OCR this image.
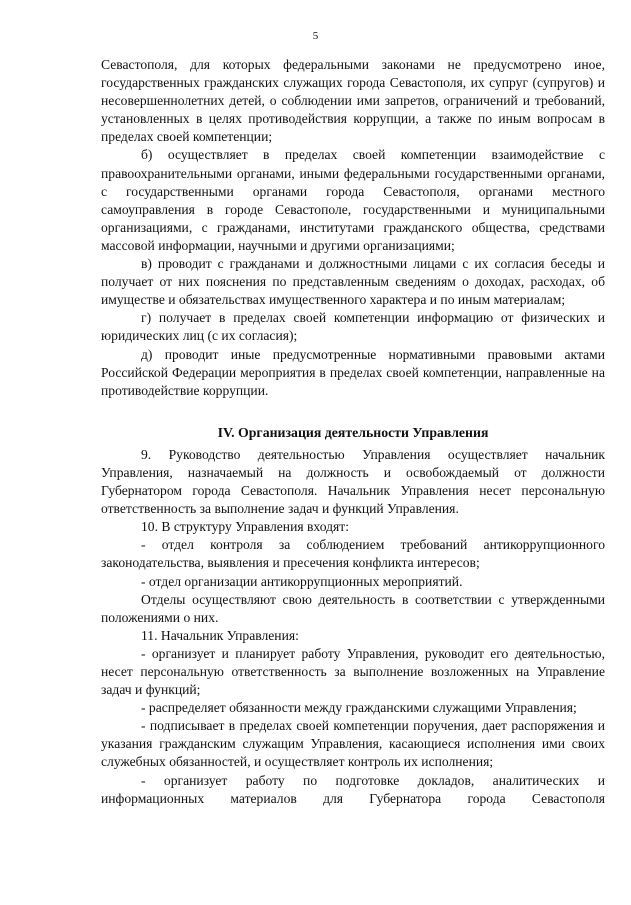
5

Севастополя, для которых федеральными законами не предусмотрено иное, государственных гражданских служащих города Севастополя, их супруг (супругов) и несовершеннолетних детей, о соблюдении ими запретов, ограничений и требований, установленных в целях противодействия коррупции, а также по иным вопросам в пределах своей компетенции;

б) осуществляет в пределах своей компетенции взаимодействие с правоохранительными органами, иными федеральными государственными органами, с государственными органами города Севастополя, органами местного самоуправления в городе Севастополе, государственными и муниципальными организациями, с гражданами, институтами гражданского общества, средствами массовой информации, научными и другими организациями;

в) проводит с гражданами и должностными лицами с их согласия беседы и получает от них пояснения по представленным сведениям о доходах, расходах, об имуществе и обязательствах имущественного характера и по иным материалам;

г) получает в пределах своей компетенции информацию от физических и юридических лиц (с их согласия);

д) проводит иные предусмотренные нормативными правовыми актами Российской Федерации мероприятия в пределах своей компетенции, направленные на противодействие коррупции.

IV. Организация деятельности Управления

9. Руководство деятельностью Управления осуществляет начальник Управления, назначаемый на должность и освобождаемый от должности Губернатором города Севастополя. Начальник Управления несет персональную ответственность за выполнение задач и функций Управления.

10. В структуру Управления входят:

- отдел контроля за соблюдением требований антикоррупционного законодательства, выявления и пресечения конфликта интересов;

- отдел организации антикоррупционных мероприятий.

Отделы осуществляют свою деятельность в соответствии с утвержденными положениями о них.

11. Начальник Управления:

- организует и планирует работу Управления, руководит его деятельностью, несет персональную ответственность за выполнение возложенных на Управление задач и функций;

- распределяет обязанности между гражданскими служащими Управления;

- подписывает в пределах своей компетенции поручения, дает распоряжения и указания гражданским служащим Управления, касающиеся исполнения ими своих служебных обязанностей, и осуществляет контроль их исполнения;

- организует работу по подготовке докладов, аналитических и информационных материалов для Губернатора города Севастополя
